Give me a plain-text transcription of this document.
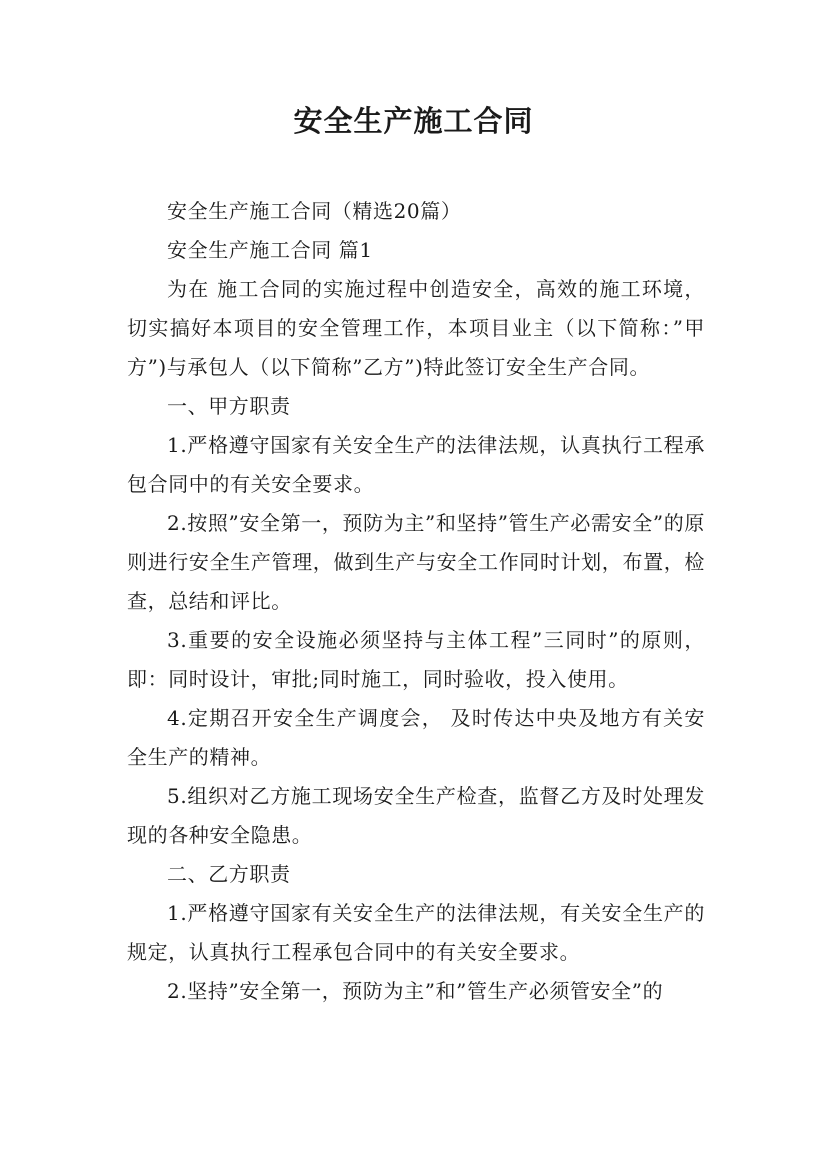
安全生产施工合同

安全生产施工合同（精选20篇）

安全生产施工合同 篇1

为在 施工合同的实施过程中创造安全，高效的施工环境，切实搞好本项目的安全管理工作，本项目业主（以下简称：”甲方”)与承包人（以下简称”乙方”)特此签订安全生产合同。

一、甲方职责

1.严格遵守国家有关安全生产的法律法规，认真执行工程承包合同中的有关安全要求。

2.按照”安全第一，预防为主”和坚持”管生产必需安全”的原则进行安全生产管理，做到生产与安全工作同时计划，布置，检查，总结和评比。

3.重要的安全设施必须坚持与主体工程”三同时”的原则，即：同时设计，审批;同时施工，同时验收，投入使用。

4.定期召开安全生产调度会， 及时传达中央及地方有关安全生产的精神。

5.组织对乙方施工现场安全生产检查，监督乙方及时处理发现的各种安全隐患。

二、乙方职责

1.严格遵守国家有关安全生产的法律法规，有关安全生产的规定，认真执行工程承包合同中的有关安全要求。

2.坚持”安全第一，预防为主”和”管生产必须管安全”的
